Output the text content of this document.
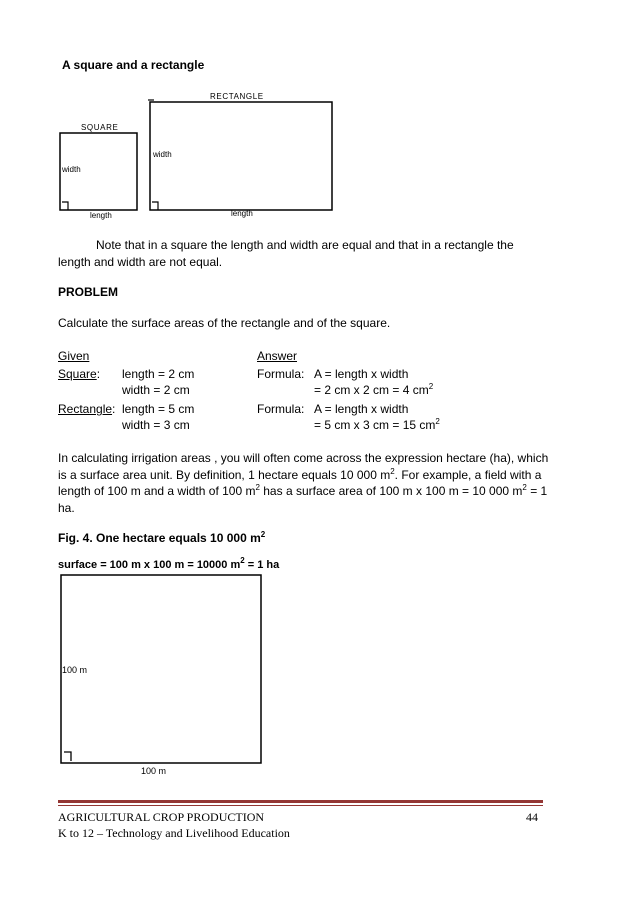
A square and a rectangle
RECTANGLE
width
length
SQUARE
width
length
Note that in a square the length and width are equal and that in a rectangle the
length and width are not equal.
PROBLEM
Calculate the surface areas of the rectangle and of the square.
Given	Answer
Square: length = 2 cm
width = 2 cm
Formula: A = length x width
= 2 cm x 2 cm = 4 $cm^2$
Rectangle: length = 5 cm
width = 3 cm
Formula: A = length x width
= 5 cm x 3 cm = 15 $cm^2$
In calculating irrigation areas , you will often come across the expression hectare (ha), which
is a surface area unit. By definition, 1 hectare equals 10 000 $m^2$. For example, a field with a
length of 100 m and a width of 100 $m^2$ has a surface area of 100 m x 100 m = 10 000 $m^2 = 1$
ha.
Fig. 4. One hectare equals 10 000 $m^2$
surface = 100 m x 100 m = 10000 $m^2 = 1$ ha
100 m
100 m
AGRICULTURAL CROP PRODUCTION
K to 12 – Technology and Livelihood Education
44
